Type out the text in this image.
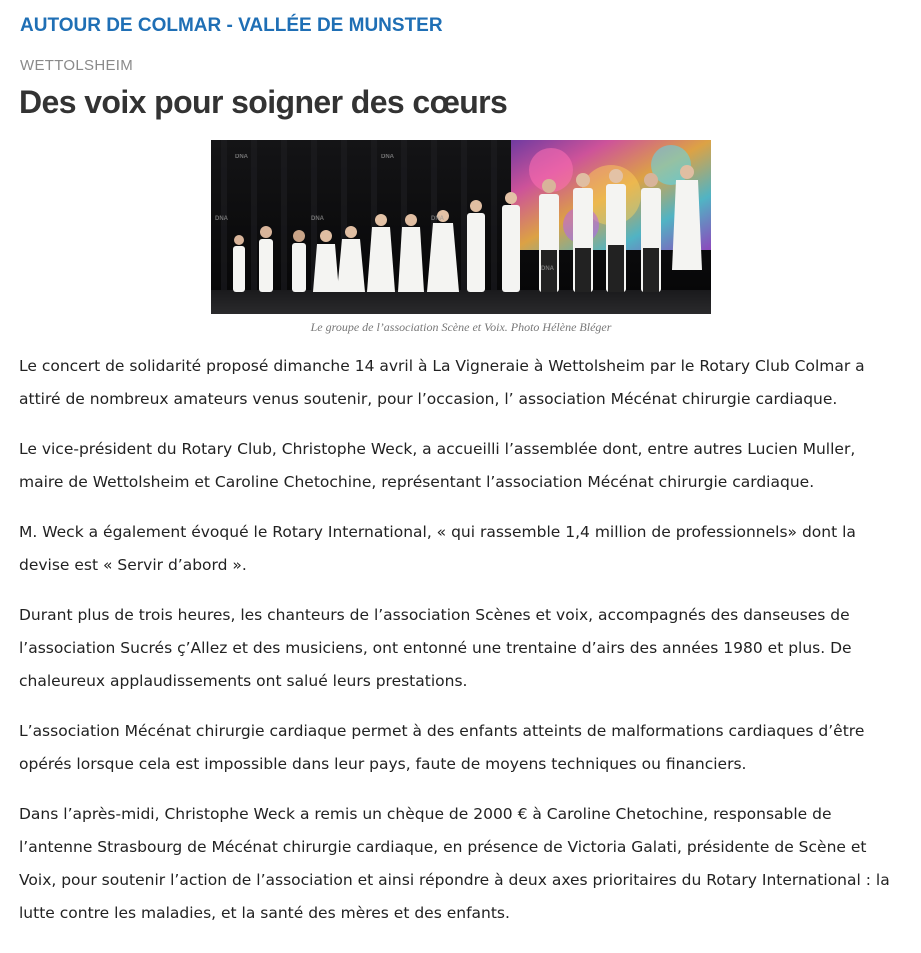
AUTOUR DE COLMAR - VALLÉE DE MUNSTER
WETTOLSHEIM
Des voix pour soigner des cœurs
DNA	DNA
DNA	DNA	DNA
DNA
Le groupe de l’association Scène et Voix. Photo Hélène Bléger

Le concert de solidarité proposé dimanche 14 avril à La Vigneraie à Wettolsheim par le Rotary Club Colmar a attiré de nombreux amateurs venus soutenir, pour l’occasion, l’ association Mécénat chirurgie cardiaque.

Le vice-président du Rotary Club, Christophe Weck, a accueilli l’assemblée dont, entre autres Lucien Muller, maire de Wettolsheim et Caroline Chetochine, représentant l’association Mécénat chirurgie cardiaque.

M. Weck a également évoqué le Rotary International, « qui rassemble 1,4 million de professionnels» dont la devise est « Servir d’abord ».

Durant plus de trois heures, les chanteurs de l’association Scènes et voix, accompagnés des danseuses de l’association Sucrés ç’Allez et des musiciens, ont entonné une trentaine d’airs des années 1980 et plus. De chaleureux applaudissements ont salué leurs prestations.

L’association Mécénat chirurgie cardiaque permet à des enfants atteints de malformations cardiaques d’être opérés lorsque cela est impossible dans leur pays, faute de moyens techniques ou financiers.

Dans l’après-midi, Christophe Weck a remis un chèque de 2000 € à Caroline Chetochine, responsable de l’antenne Strasbourg de Mécénat chirurgie cardiaque, en présence de Victoria Galati, présidente de Scène et Voix, pour soutenir l’action de l’association et ainsi répondre à deux axes prioritaires du Rotary International : la lutte contre les maladies, et la santé des mères et des enfants.
